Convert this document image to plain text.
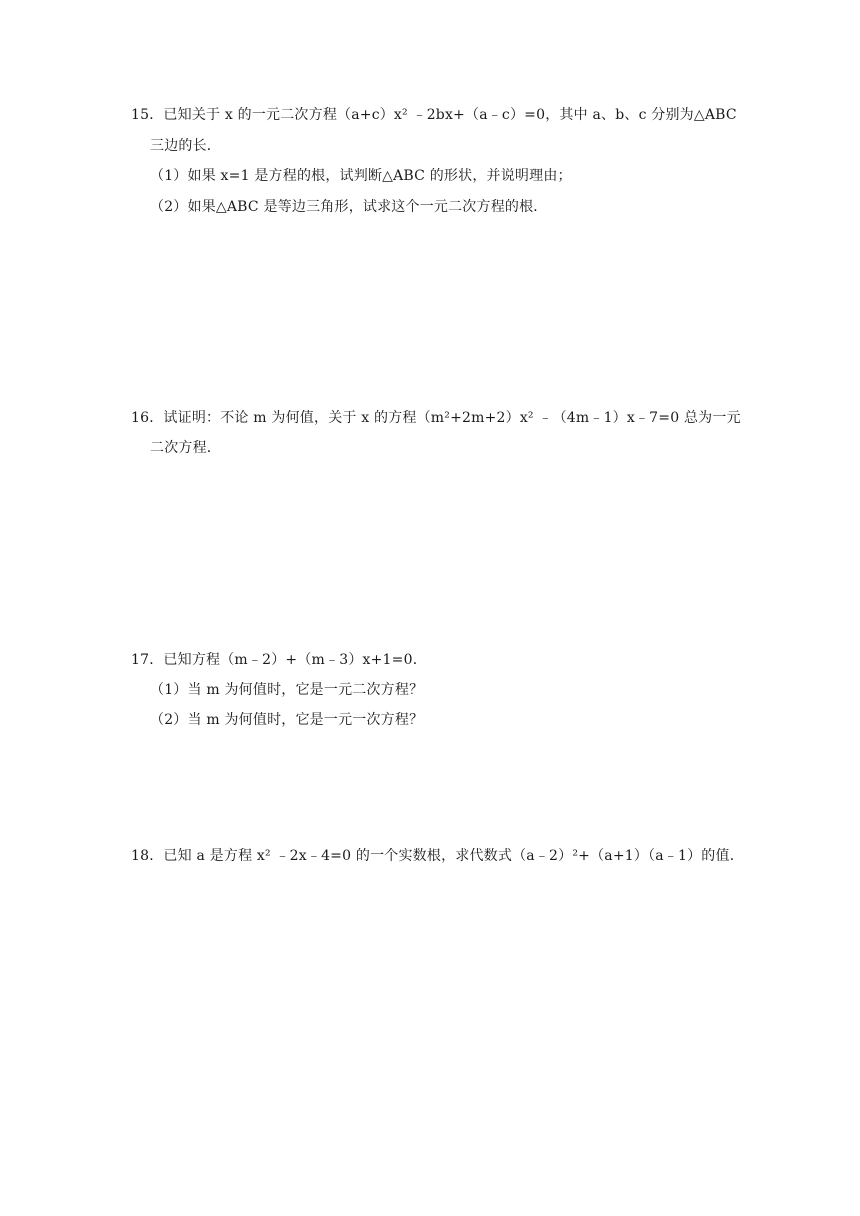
15．已知关于 x 的一元二次方程（a+c）x² ﹣2bx+（a﹣c）=0，其中 a、b、c 分别为△ABC
三边的长．
（1）如果 x=1 是方程的根，试判断△ABC 的形状，并说明理由；
（2）如果△ABC 是等边三角形，试求这个一元二次方程的根．
16．试证明：不论 m 为何值，关于 x 的方程（m²+2m+2）x² ﹣（4m﹣1）x﹣7=0 总为一元
二次方程．
17．已知方程（m﹣2）+（m﹣3）x+1=0．
（1）当 m 为何值时，它是一元二次方程？
（2）当 m 为何值时，它是一元一次方程？
18．已知 a 是方程 x² ﹣2x﹣4=0 的一个实数根，求代数式（a﹣2）²+（a+1）（a﹣1）的值．
